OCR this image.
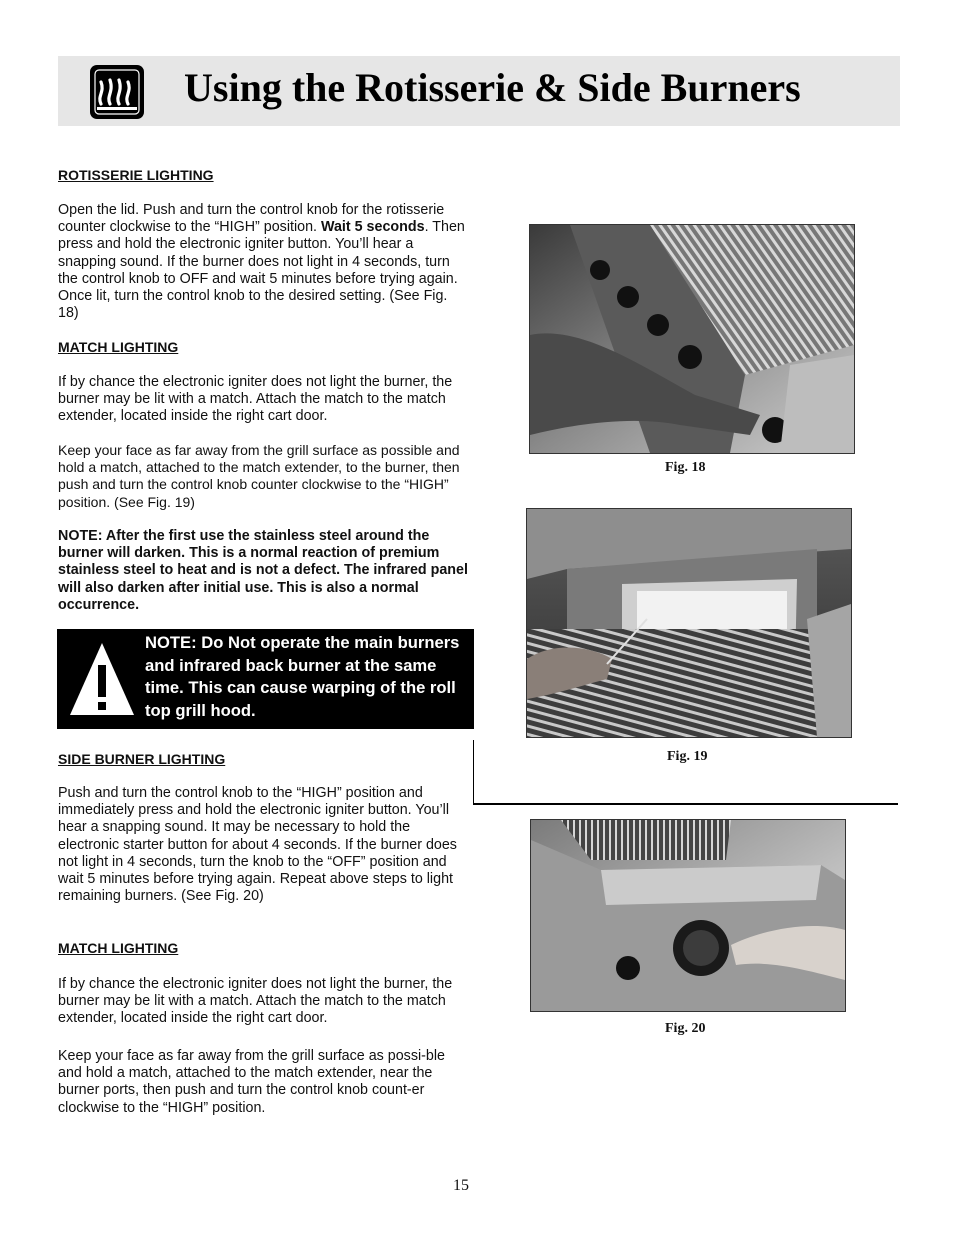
Using the Rotisserie & Side Burners
ROTISSERIE LIGHTING
Open the lid. Push and turn the control knob for the rotisserie counter clockwise to the “HIGH” position. Wait 5 seconds. Then press and hold the electronic igniter button. You’ll hear a snapping sound. If the burner does not light in 4 seconds, turn the control knob to OFF and wait 5 minutes before trying again. Once lit, turn the control knob to the desired setting. (See Fig. 18)
MATCH LIGHTING
If by chance the electronic igniter does not light the burner, the burner may be lit with a match. Attach the match to the match extender, located inside the right cart door.
Keep your face as far away from the grill surface as possible and hold a match, attached to the match extender, to the burner, then push and turn the control knob counter clockwise to the “HIGH” position. (See Fig. 19)
NOTE: After the first use the stainless steel around the burner will darken. This is a normal reaction of premium stainless steel to heat and is not a defect. The infrared panel will also darken after initial use. This is also a normal occurrence.
NOTE: Do Not operate the main burners and infrared back burner at the same time. This can cause warping of the roll top grill hood.
SIDE BURNER LIGHTING
Push and turn the control knob to the “HIGH” position and immediately press and hold the electronic igniter button. You’ll hear a snapping sound. It may be necessary to hold the electronic starter button for about 4 seconds. If the burner does not light in 4 seconds, turn the knob to the “OFF” position and wait 5 minutes before trying again. Repeat above steps to light remaining burners. (See Fig. 20)
MATCH LIGHTING
If by chance the electronic igniter does not light the burner, the burner may be lit with a match. Attach the match to the match extender, located inside the right cart door.
Keep your face as far away from the grill surface as possi-ble and hold a match, attached to the match extender, near the burner ports, then push and turn the control knob count-er clockwise to the “HIGH” position.
Fig. 18
Fig. 19
Fig. 20
15
